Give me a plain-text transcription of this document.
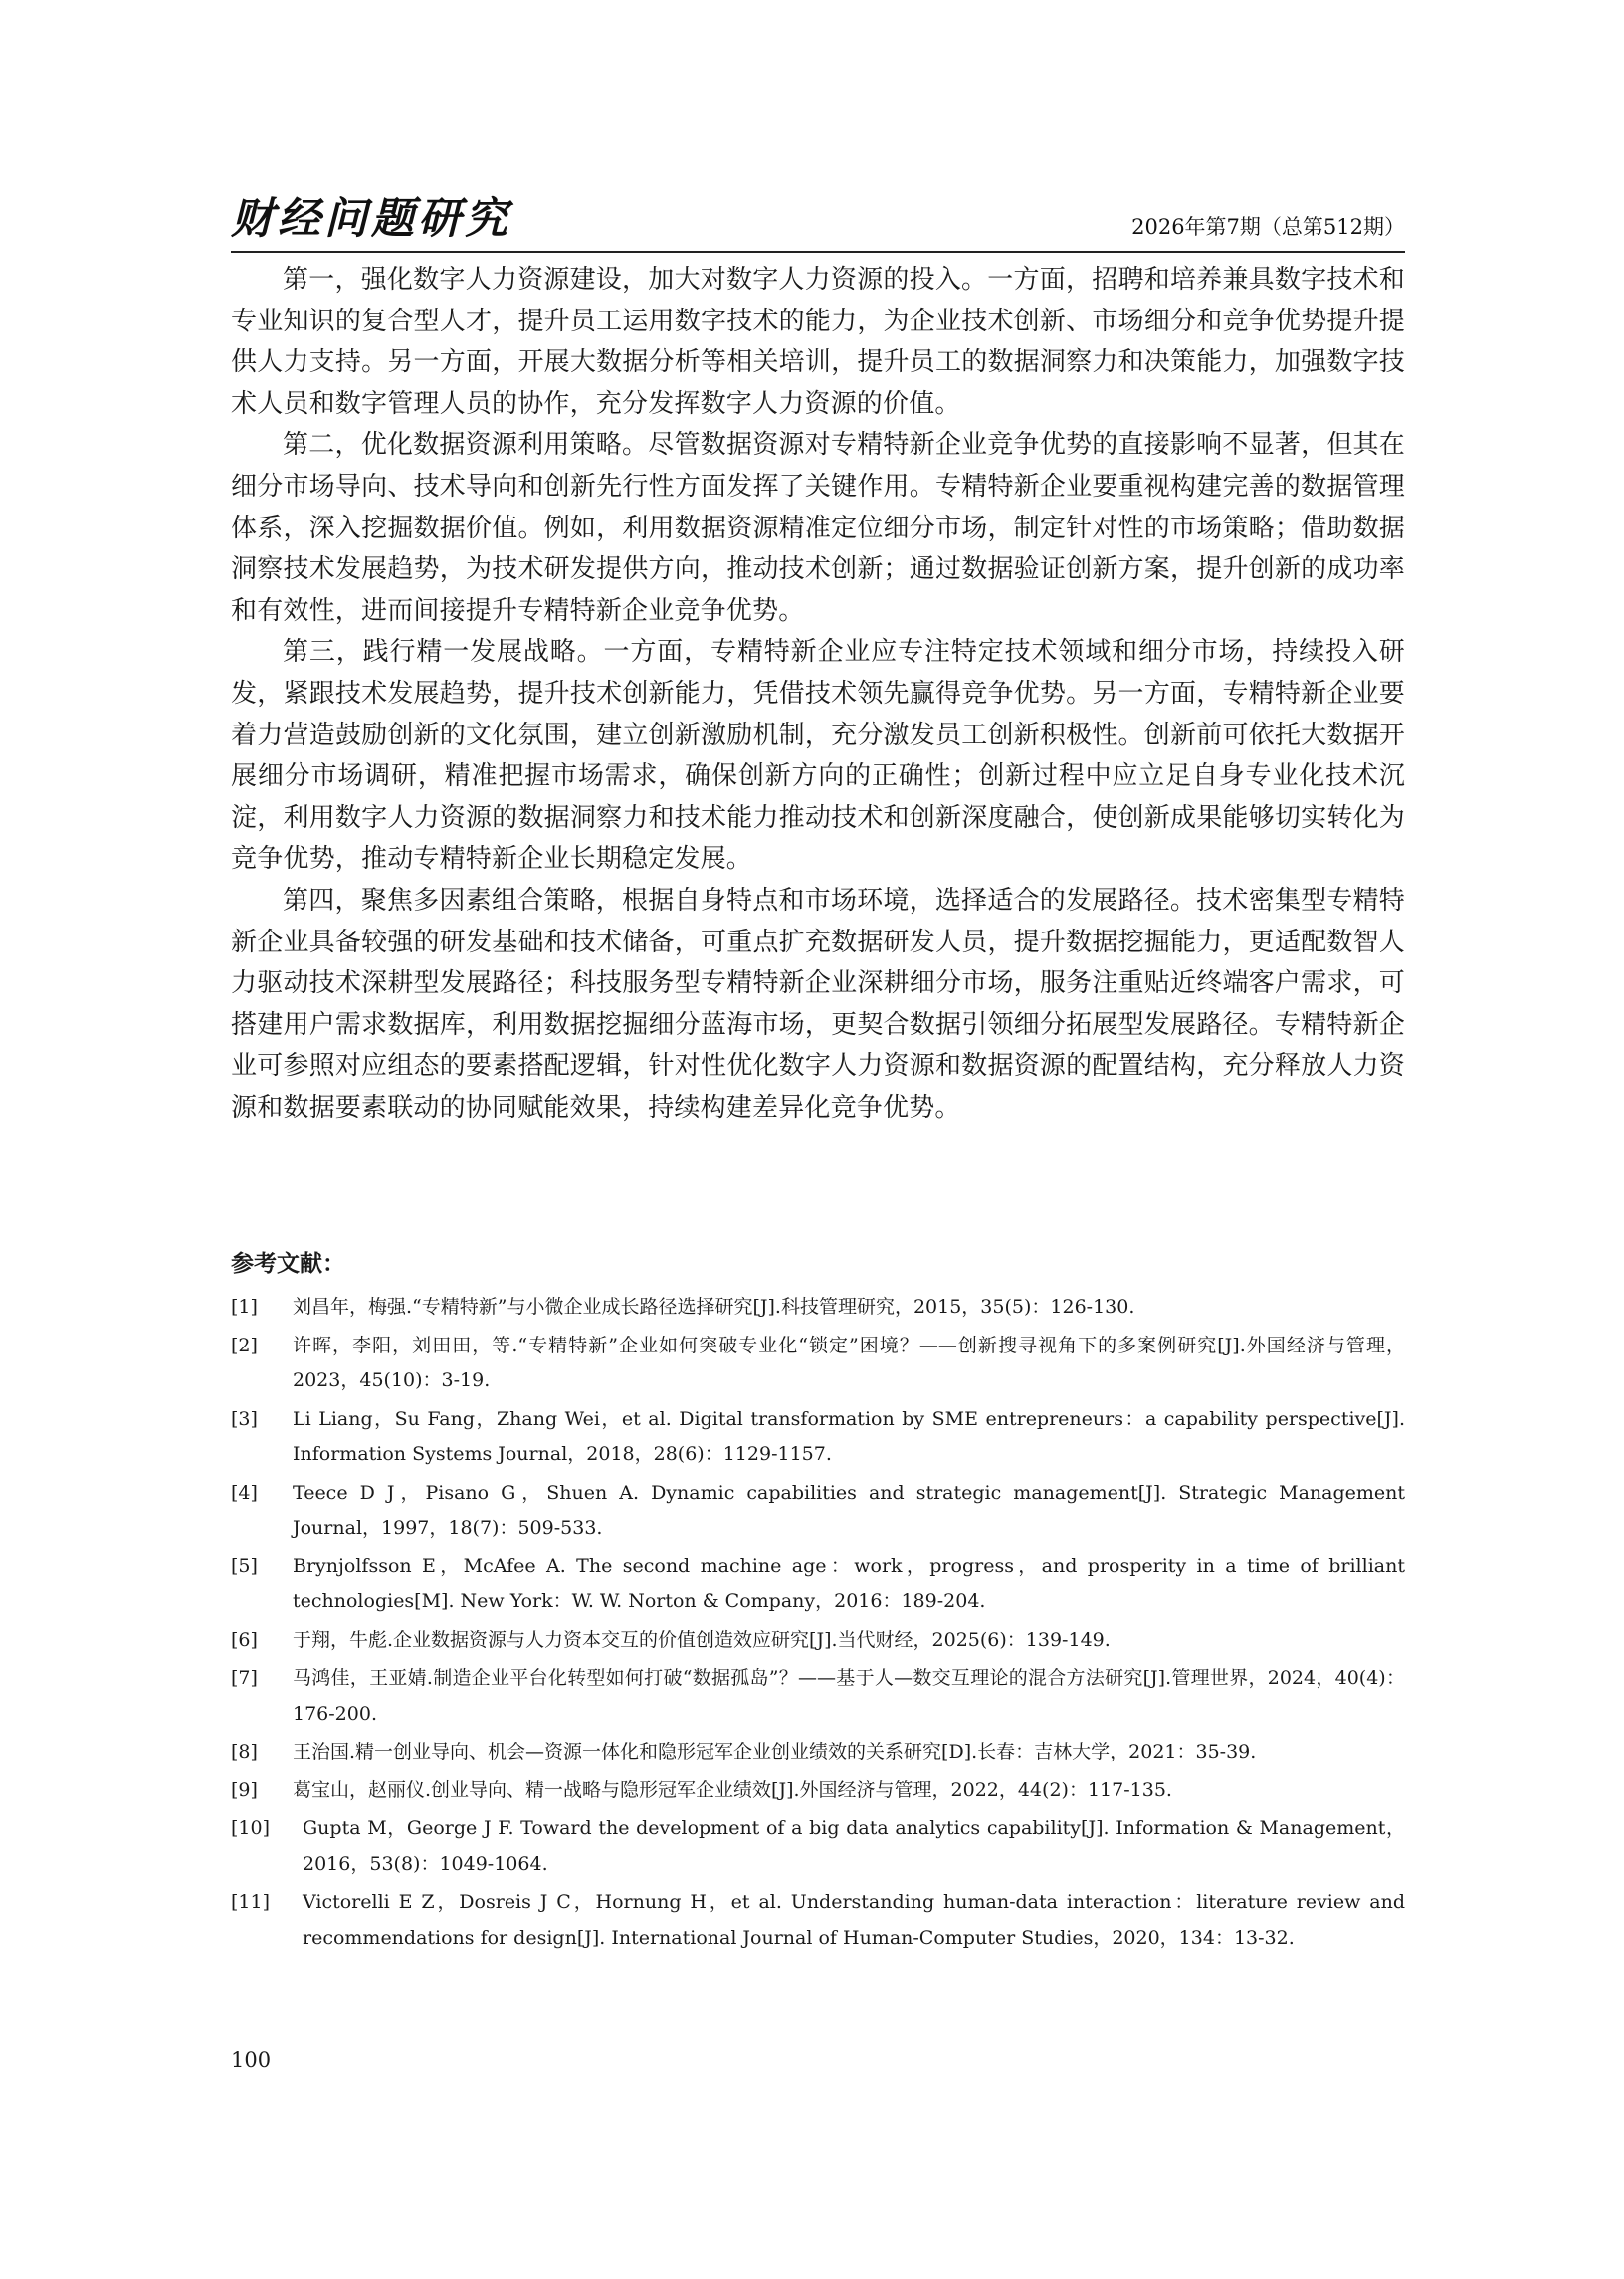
财经问题研究	2026年第7期（总第512期）

第一，强化数字人力资源建设，加大对数字人力资源的投入。一方面，招聘和培养兼具数字技术和专业知识的复合型人才，提升员工运用数字技术的能力，为企业技术创新、市场细分和竞争优势提升提供人力支持。另一方面，开展大数据分析等相关培训，提升员工的数据洞察力和决策能力，加强数字技术人员和数字管理人员的协作，充分发挥数字人力资源的价值。

第二，优化数据资源利用策略。尽管数据资源对专精特新企业竞争优势的直接影响不显著，但其在细分市场导向、技术导向和创新先行性方面发挥了关键作用。专精特新企业要重视构建完善的数据管理体系，深入挖掘数据价值。例如，利用数据资源精准定位细分市场，制定针对性的市场策略；借助数据洞察技术发展趋势，为技术研发提供方向，推动技术创新；通过数据验证创新方案，提升创新的成功率和有效性，进而间接提升专精特新企业竞争优势。

第三，践行精一发展战略。一方面，专精特新企业应专注特定技术领域和细分市场，持续投入研发，紧跟技术发展趋势，提升技术创新能力，凭借技术领先赢得竞争优势。另一方面，专精特新企业要着力营造鼓励创新的文化氛围，建立创新激励机制，充分激发员工创新积极性。创新前可依托大数据开展细分市场调研，精准把握市场需求，确保创新方向的正确性；创新过程中应立足自身专业化技术沉淀，利用数字人力资源的数据洞察力和技术能力推动技术和创新深度融合，使创新成果能够切实转化为竞争优势，推动专精特新企业长期稳定发展。

第四，聚焦多因素组合策略，根据自身特点和市场环境，选择适合的发展路径。技术密集型专精特新企业具备较强的研发基础和技术储备，可重点扩充数据研发人员，提升数据挖掘能力，更适配数智人力驱动技术深耕型发展路径；科技服务型专精特新企业深耕细分市场，服务注重贴近终端客户需求，可搭建用户需求数据库，利用数据挖掘细分蓝海市场，更契合数据引领细分拓展型发展路径。专精特新企业可参照对应组态的要素搭配逻辑，针对性优化数字人力资源和数据资源的配置结构，充分释放人力资源和数据要素联动的协同赋能效果，持续构建差异化竞争优势。

参考文献：
[1] 刘昌年，梅强.“专精特新”与小微企业成长路径选择研究[J].科技管理研究，2015，35(5)：126-130.
[2] 许晖，李阳，刘田田，等.“专精特新”企业如何突破专业化“锁定”困境？——创新搜寻视角下的多案例研究[J].外国经济与管理，2023，45(10)：3-19.
[3] Li Liang，Su Fang，Zhang Wei，et al. Digital transformation by SME entrepreneurs：a capability perspective[J]. Information Systems Journal，2018，28(6)：1129-1157.
[4] Teece D J，Pisano G，Shuen A. Dynamic capabilities and strategic management[J]. Strategic Management Journal，1997，18(7)：509-533.
[5] Brynjolfsson E，McAfee A. The second machine age：work，progress，and prosperity in a time of brilliant technologies[M]. New York：W. W. Norton & Company，2016：189-204.
[6] 于翔，牛彪.企业数据资源与人力资本交互的价值创造效应研究[J].当代财经，2025(6)：139-149.
[7] 马鸿佳，王亚婧.制造企业平台化转型如何打破“数据孤岛”？——基于人—数交互理论的混合方法研究[J].管理世界，2024，40(4)：176-200.
[8] 王治国.精一创业导向、机会—资源一体化和隐形冠军企业创业绩效的关系研究[D].长春：吉林大学，2021：35-39.
[9] 葛宝山，赵丽仪.创业导向、精一战略与隐形冠军企业绩效[J].外国经济与管理，2022，44(2)：117-135.
[10] Gupta M，George J F. Toward the development of a big data analytics capability[J]. Information & Management，2016，53(8)：1049-1064.
[11] Victorelli E Z，Dosreis J C，Hornung H，et al. Understanding human-data interaction：literature review and recommendations for design[J]. International Journal of Human-Computer Studies，2020，134：13-32.
100
